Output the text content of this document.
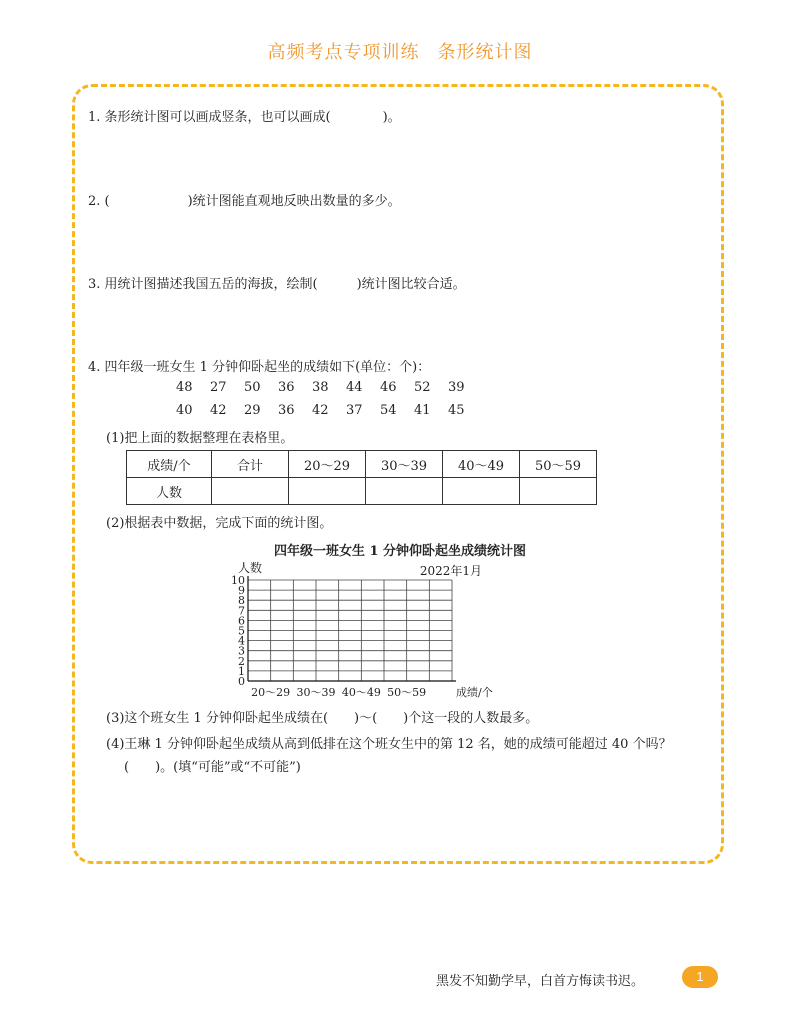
高频考点专项训练 条形统计图
1. 条形统计图可以画成竖条，也可以画成(　　　　)。
2. (　　　　　　)统计图能直观地反映出数量的多少。
3. 用统计图描述我国五岳的海拔，绘制(　　　)统计图比较合适。
4. 四年级一班女生 1 分钟仰卧起坐的成绩如下(单位：个)：
48 27 50 36 38 44 46 52 39
40 42 29 36 42 37 54 41 45
(1)把上面的数据整理在表格里。
成绩/个	合计	20～29	30～39	40～49	50～59
人数					
(2)根据表中数据，完成下面的统计图。
四年级一班女生 1 分钟仰卧起坐成绩统计图
0
1
2
3
4
5
6
7
8
9
10
人数	2022年1月
20～29 30～39 40～49 50～59	成绩/个
(3)这个班女生 1 分钟仰卧起坐成绩在(　　)～(　　)个这一段的人数最多。
(4)王琳 1 分钟仰卧起坐成绩从高到低排在这个班女生中的第 12 名，她的成绩可能超过 40 个吗？
(　　)。(填“可能”或“不可能”)
黑发不知勤学早，白首方悔读书迟。	1
